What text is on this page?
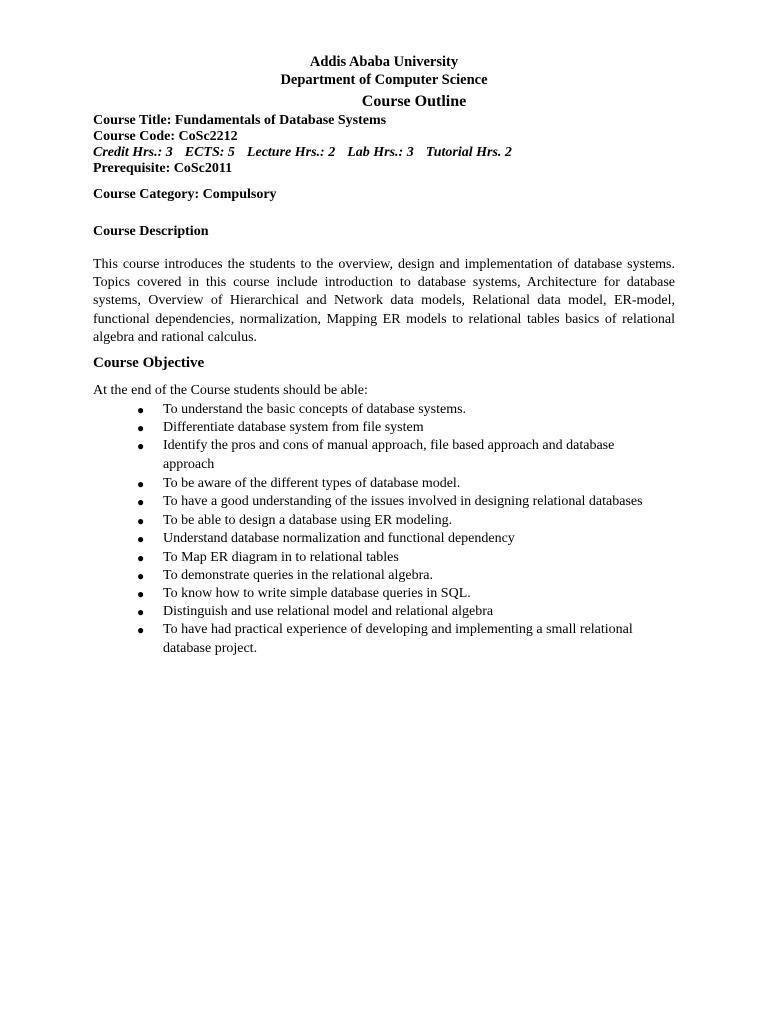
Addis Ababa University
Department of Computer Science
Course Outline
Course Title: Fundamentals of Database Systems
Course Code: CoSc2212
Credit Hrs.: 3 ECTS: 5 Lecture Hrs.: 2 Lab Hrs.: 3 Tutorial Hrs. 2
Prerequisite: CoSc2011
Course Category: Compulsory
Course Description
This course introduces the students to the overview, design and implementation of database systems. Topics covered in this course include introduction to database systems, Architecture for database systems, Overview of Hierarchical and Network data models, Relational data model, ER-model, functional dependencies, normalization, Mapping ER models to relational tables basics of relational algebra and rational calculus.
Course Objective
At the end of the Course students should be able:
● To understand the basic concepts of database systems.
● Differentiate database system from file system
● Identify the pros and cons of manual approach, file based approach and database approach
● To be aware of the different types of database model.
● To have a good understanding of the issues involved in designing relational databases
● To be able to design a database using ER modeling.
● Understand database normalization and functional dependency
● To Map ER diagram in to relational tables
● To demonstrate queries in the relational algebra.
● To know how to write simple database queries in SQL.
● Distinguish and use relational model and relational algebra
● To have had practical experience of developing and implementing a small relational database project.
